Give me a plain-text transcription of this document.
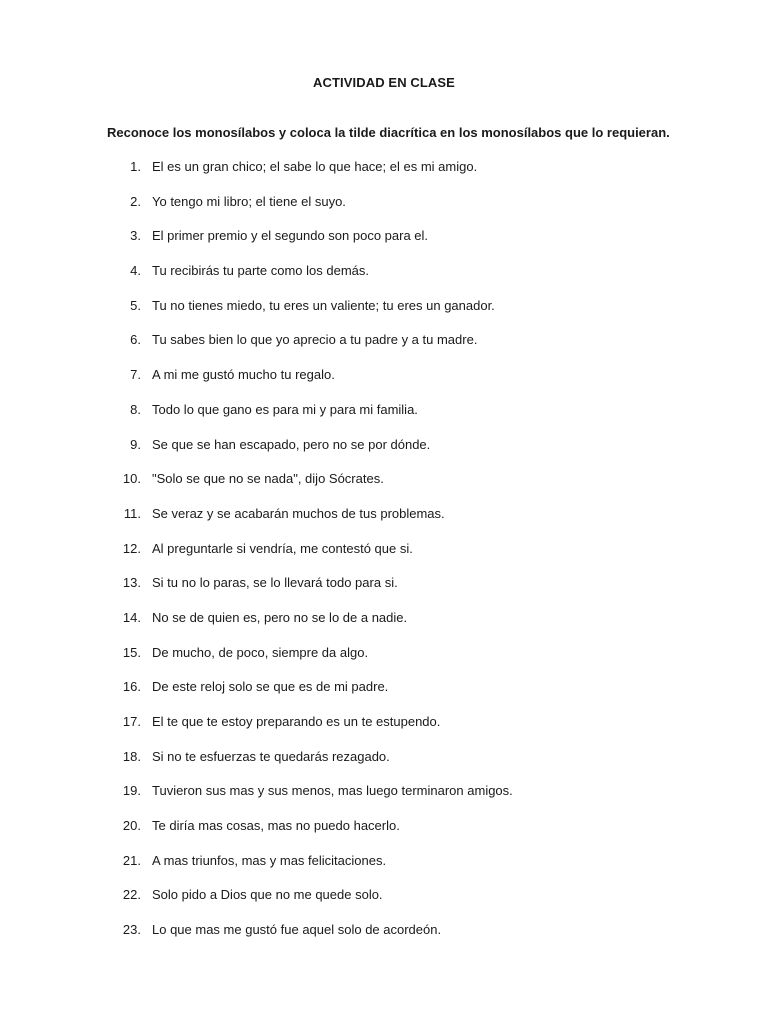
ACTIVIDAD EN CLASE
Reconoce los monosílabos y coloca la tilde diacrítica en los monosílabos que lo requieran.
1. El es un gran chico; el sabe lo que hace; el es mi amigo.
2. Yo tengo mi libro; el tiene el suyo.
3. El primer premio y el segundo son poco para el.
4. Tu recibirás tu parte como los demás.
5. Tu no tienes miedo, tu eres un valiente; tu eres un ganador.
6. Tu sabes bien lo que yo aprecio a tu padre y a tu madre.
7. A mi me gustó mucho tu regalo.
8. Todo lo que gano es para mi y para mi familia.
9. Se que se han escapado, pero no se por dónde.
10. "Solo se que no se nada", dijo Sócrates.
11. Se veraz y se acabarán muchos de tus problemas.
12. Al preguntarle si vendría, me contestó que si.
13. Si tu no lo paras, se lo llevará todo para si.
14. No se de quien es, pero no se lo de a nadie.
15. De mucho, de poco, siempre da algo.
16. De este reloj solo se que es de mi padre.
17. El te que te estoy preparando es un te estupendo.
18. Si no te esfuerzas te quedarás rezagado.
19. Tuvieron sus mas y sus menos, mas luego terminaron amigos.
20. Te diría mas cosas, mas no puedo hacerlo.
21. A mas triunfos, mas y mas felicitaciones.
22. Solo pido a Dios que no me quede solo.
23. Lo que mas me gustó fue aquel solo de acordeón.
